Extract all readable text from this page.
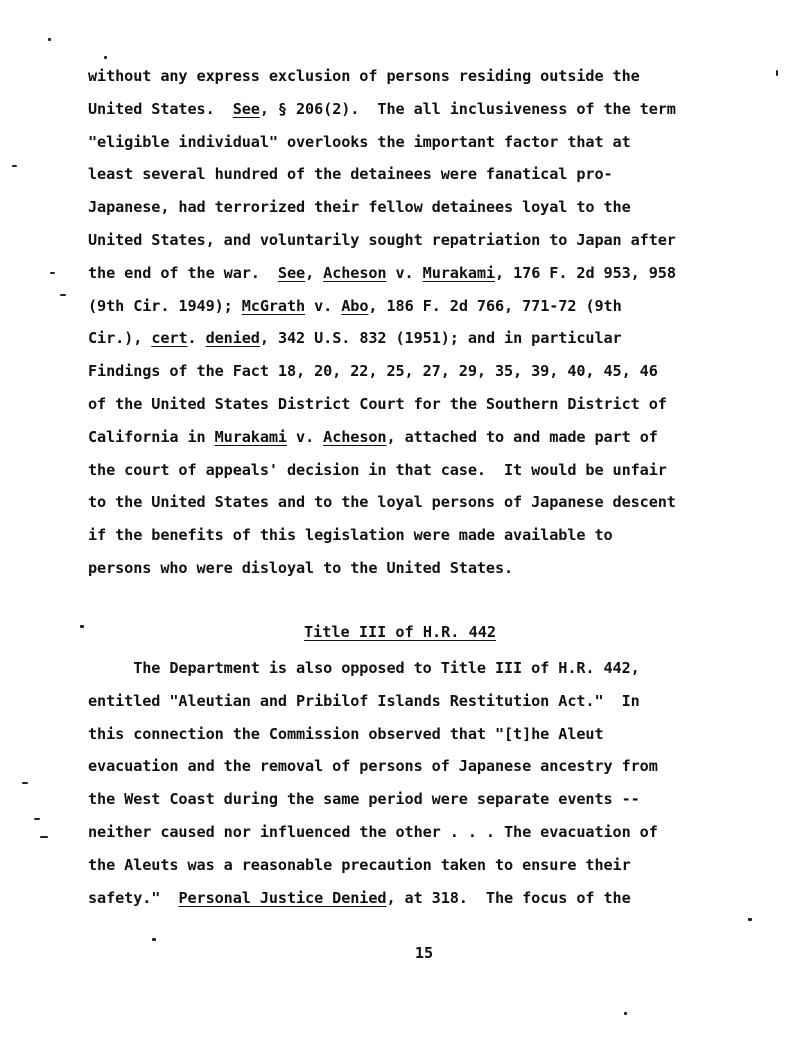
without any express exclusion of persons residing outside the
United States.  See, § 206(2).  The all inclusiveness of the term
"eligible individual" overlooks the important factor that at
least several hundred of the detainees were fanatical pro-
Japanese, had terrorized their fellow detainees loyal to the
United States, and voluntarily sought repatriation to Japan after
the end of the war.  See, Acheson v. Murakami, 176 F. 2d 953, 958
(9th Cir. 1949); McGrath v. Abo, 186 F. 2d 766, 771-72 (9th
Cir.), cert. denied, 342 U.S. 832 (1951); and in particular
Findings of the Fact 18, 20, 22, 25, 27, 29, 35, 39, 40, 45, 46
of the United States District Court for the Southern District of
California in Murakami v. Acheson, attached to and made part of
the court of appeals' decision in that case.  It would be unfair
to the United States and to the loyal persons of Japanese descent
if the benefits of this legislation were made available to
persons who were disloyal to the United States.
Title III of H.R. 442
The Department is also opposed to Title III of H.R. 442,
entitled "Aleutian and Pribilof Islands Restitution Act."  In
this connection the Commission observed that "[t]he Aleut
evacuation and the removal of persons of Japanese ancestry from
the West Coast during the same period were separate events --
neither caused nor influenced the other . . . The evacuation of
the Aleuts was a reasonable precaution taken to ensure their
safety."  Personal Justice Denied, at 318.  The focus of the
15
